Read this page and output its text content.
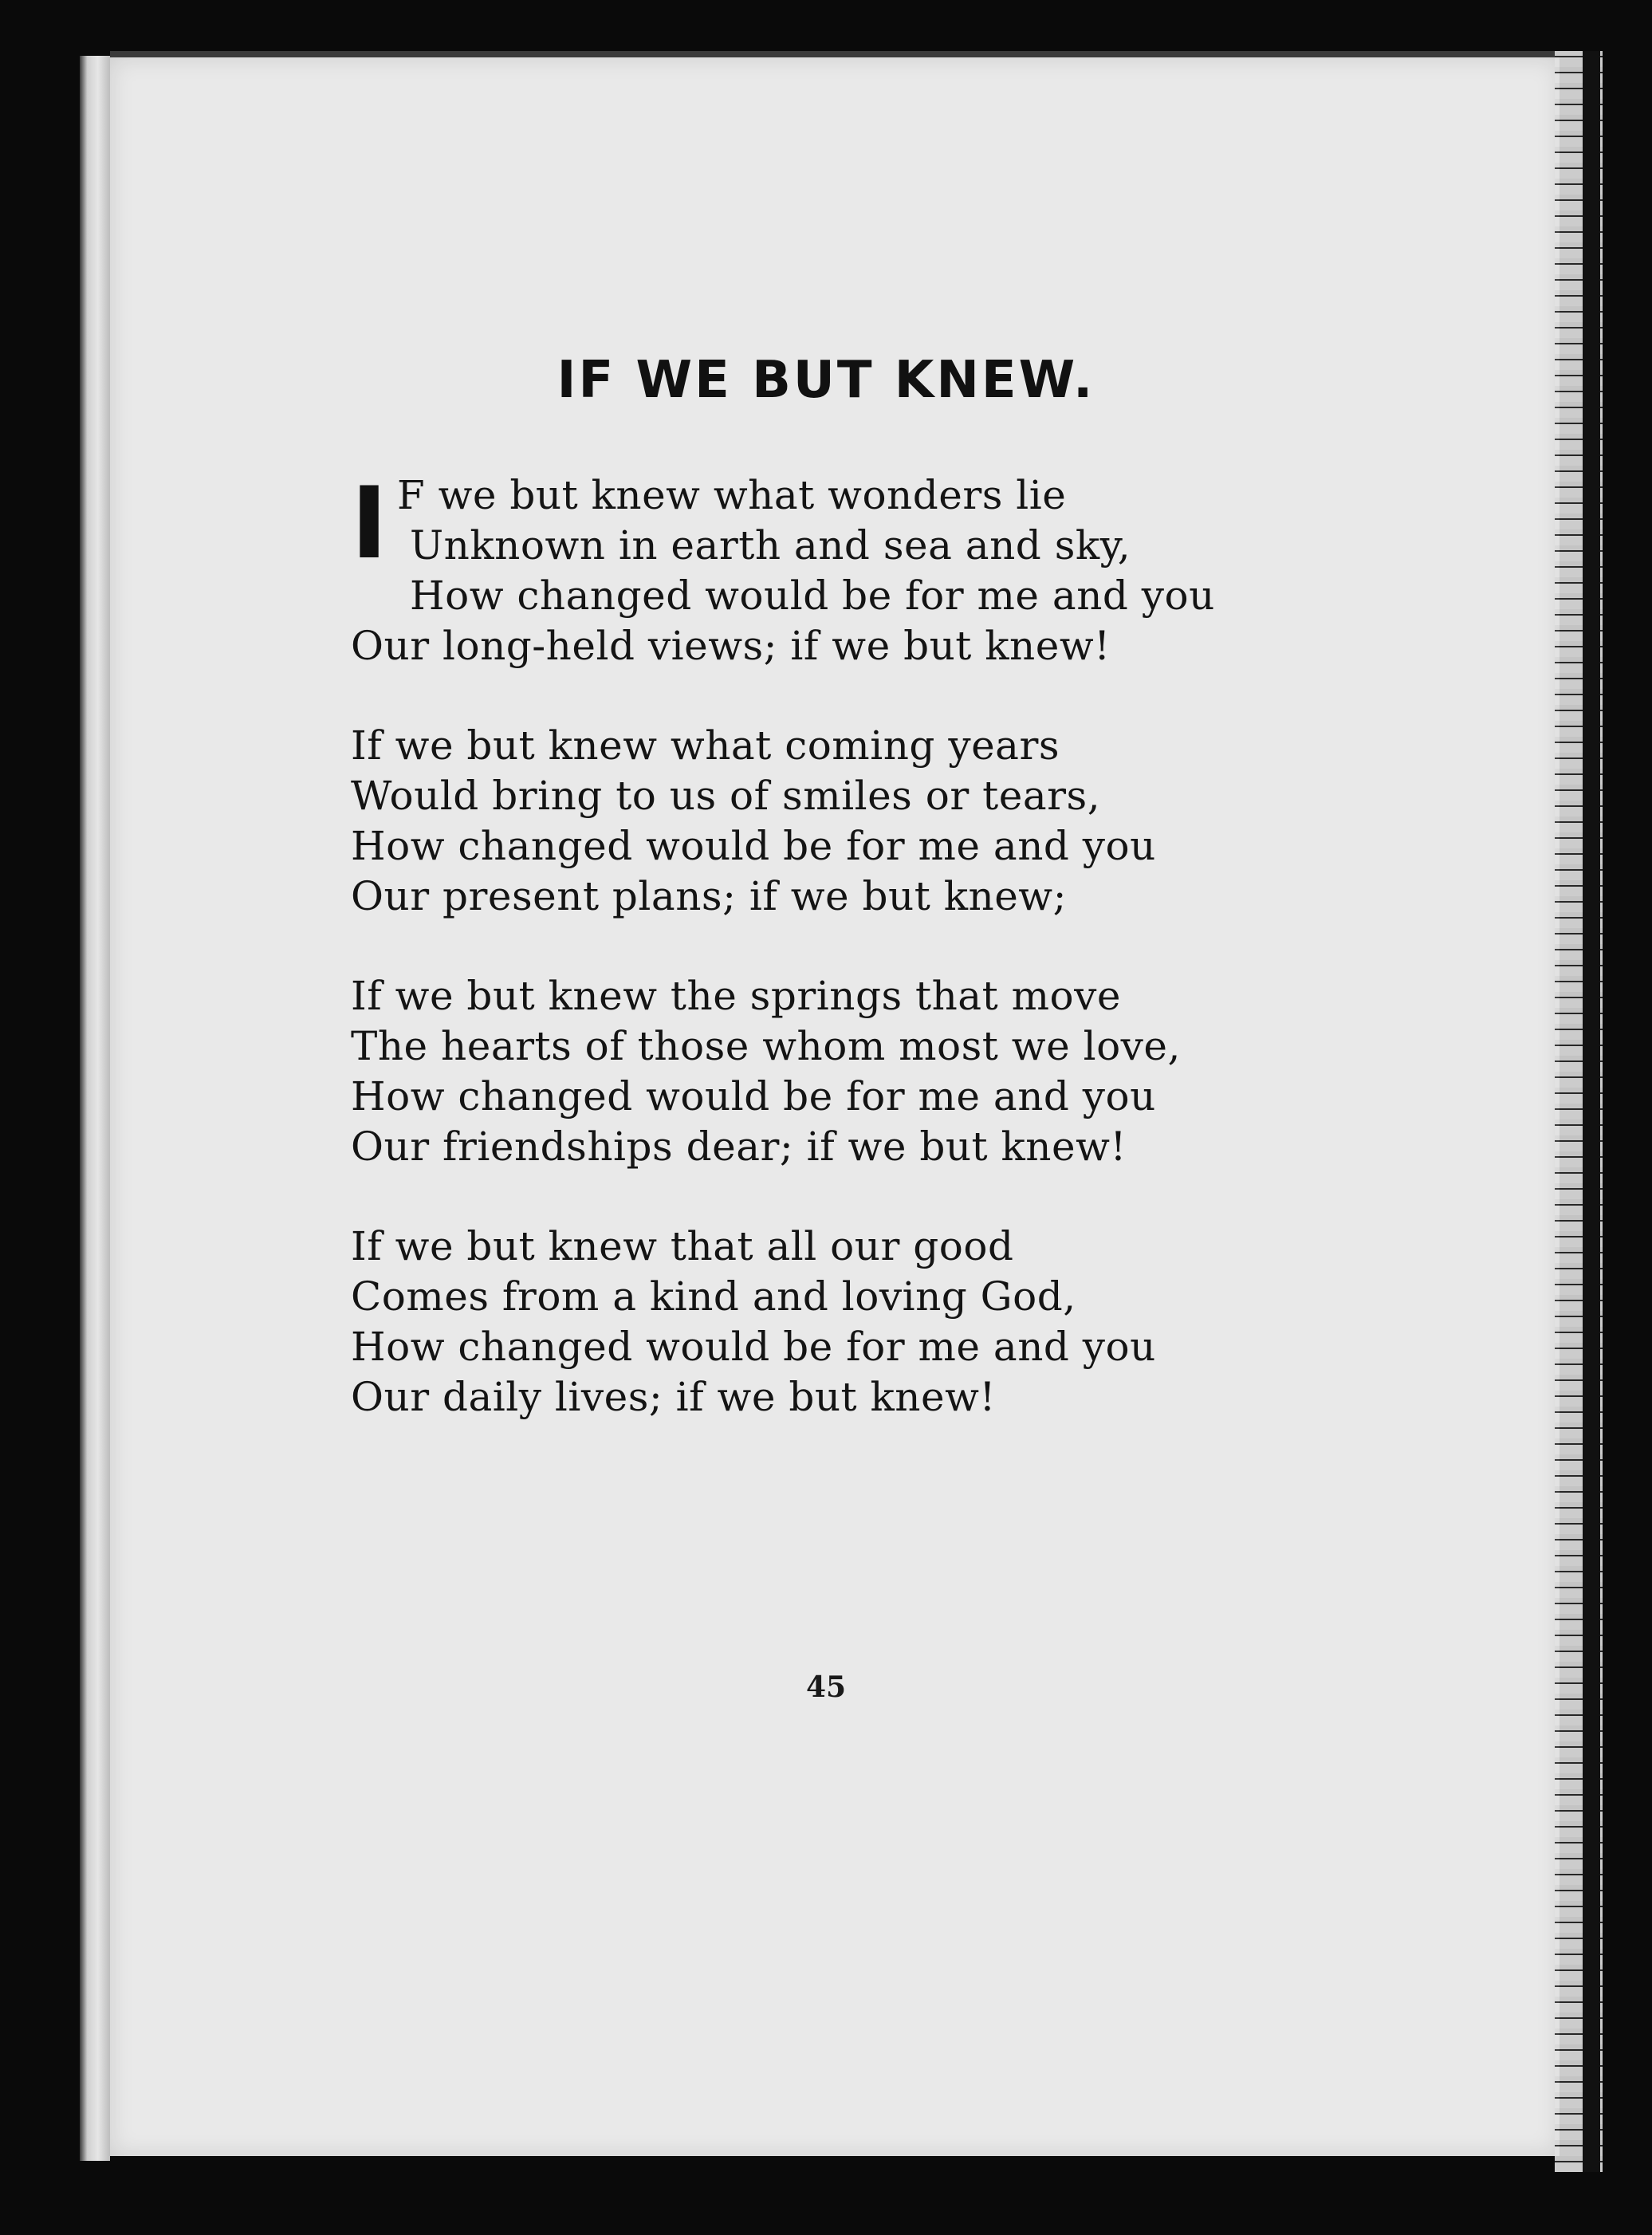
IF WE BUT KNEW.
I F we but knew what wonders lie
Unknown in earth and sea and sky,
How changed would be for me and you
Our long-held views; if we but knew!
If we but knew what coming years
Would bring to us of smiles or tears,
How changed would be for me and you
Our present plans; if we but knew;
If we but knew the springs that move
The hearts of those whom most we love,
How changed would be for me and you
Our friendships dear; if we but knew!
If we but knew that all our good
Comes from a kind and loving God,
How changed would be for me and you
Our daily lives; if we but knew!
45
